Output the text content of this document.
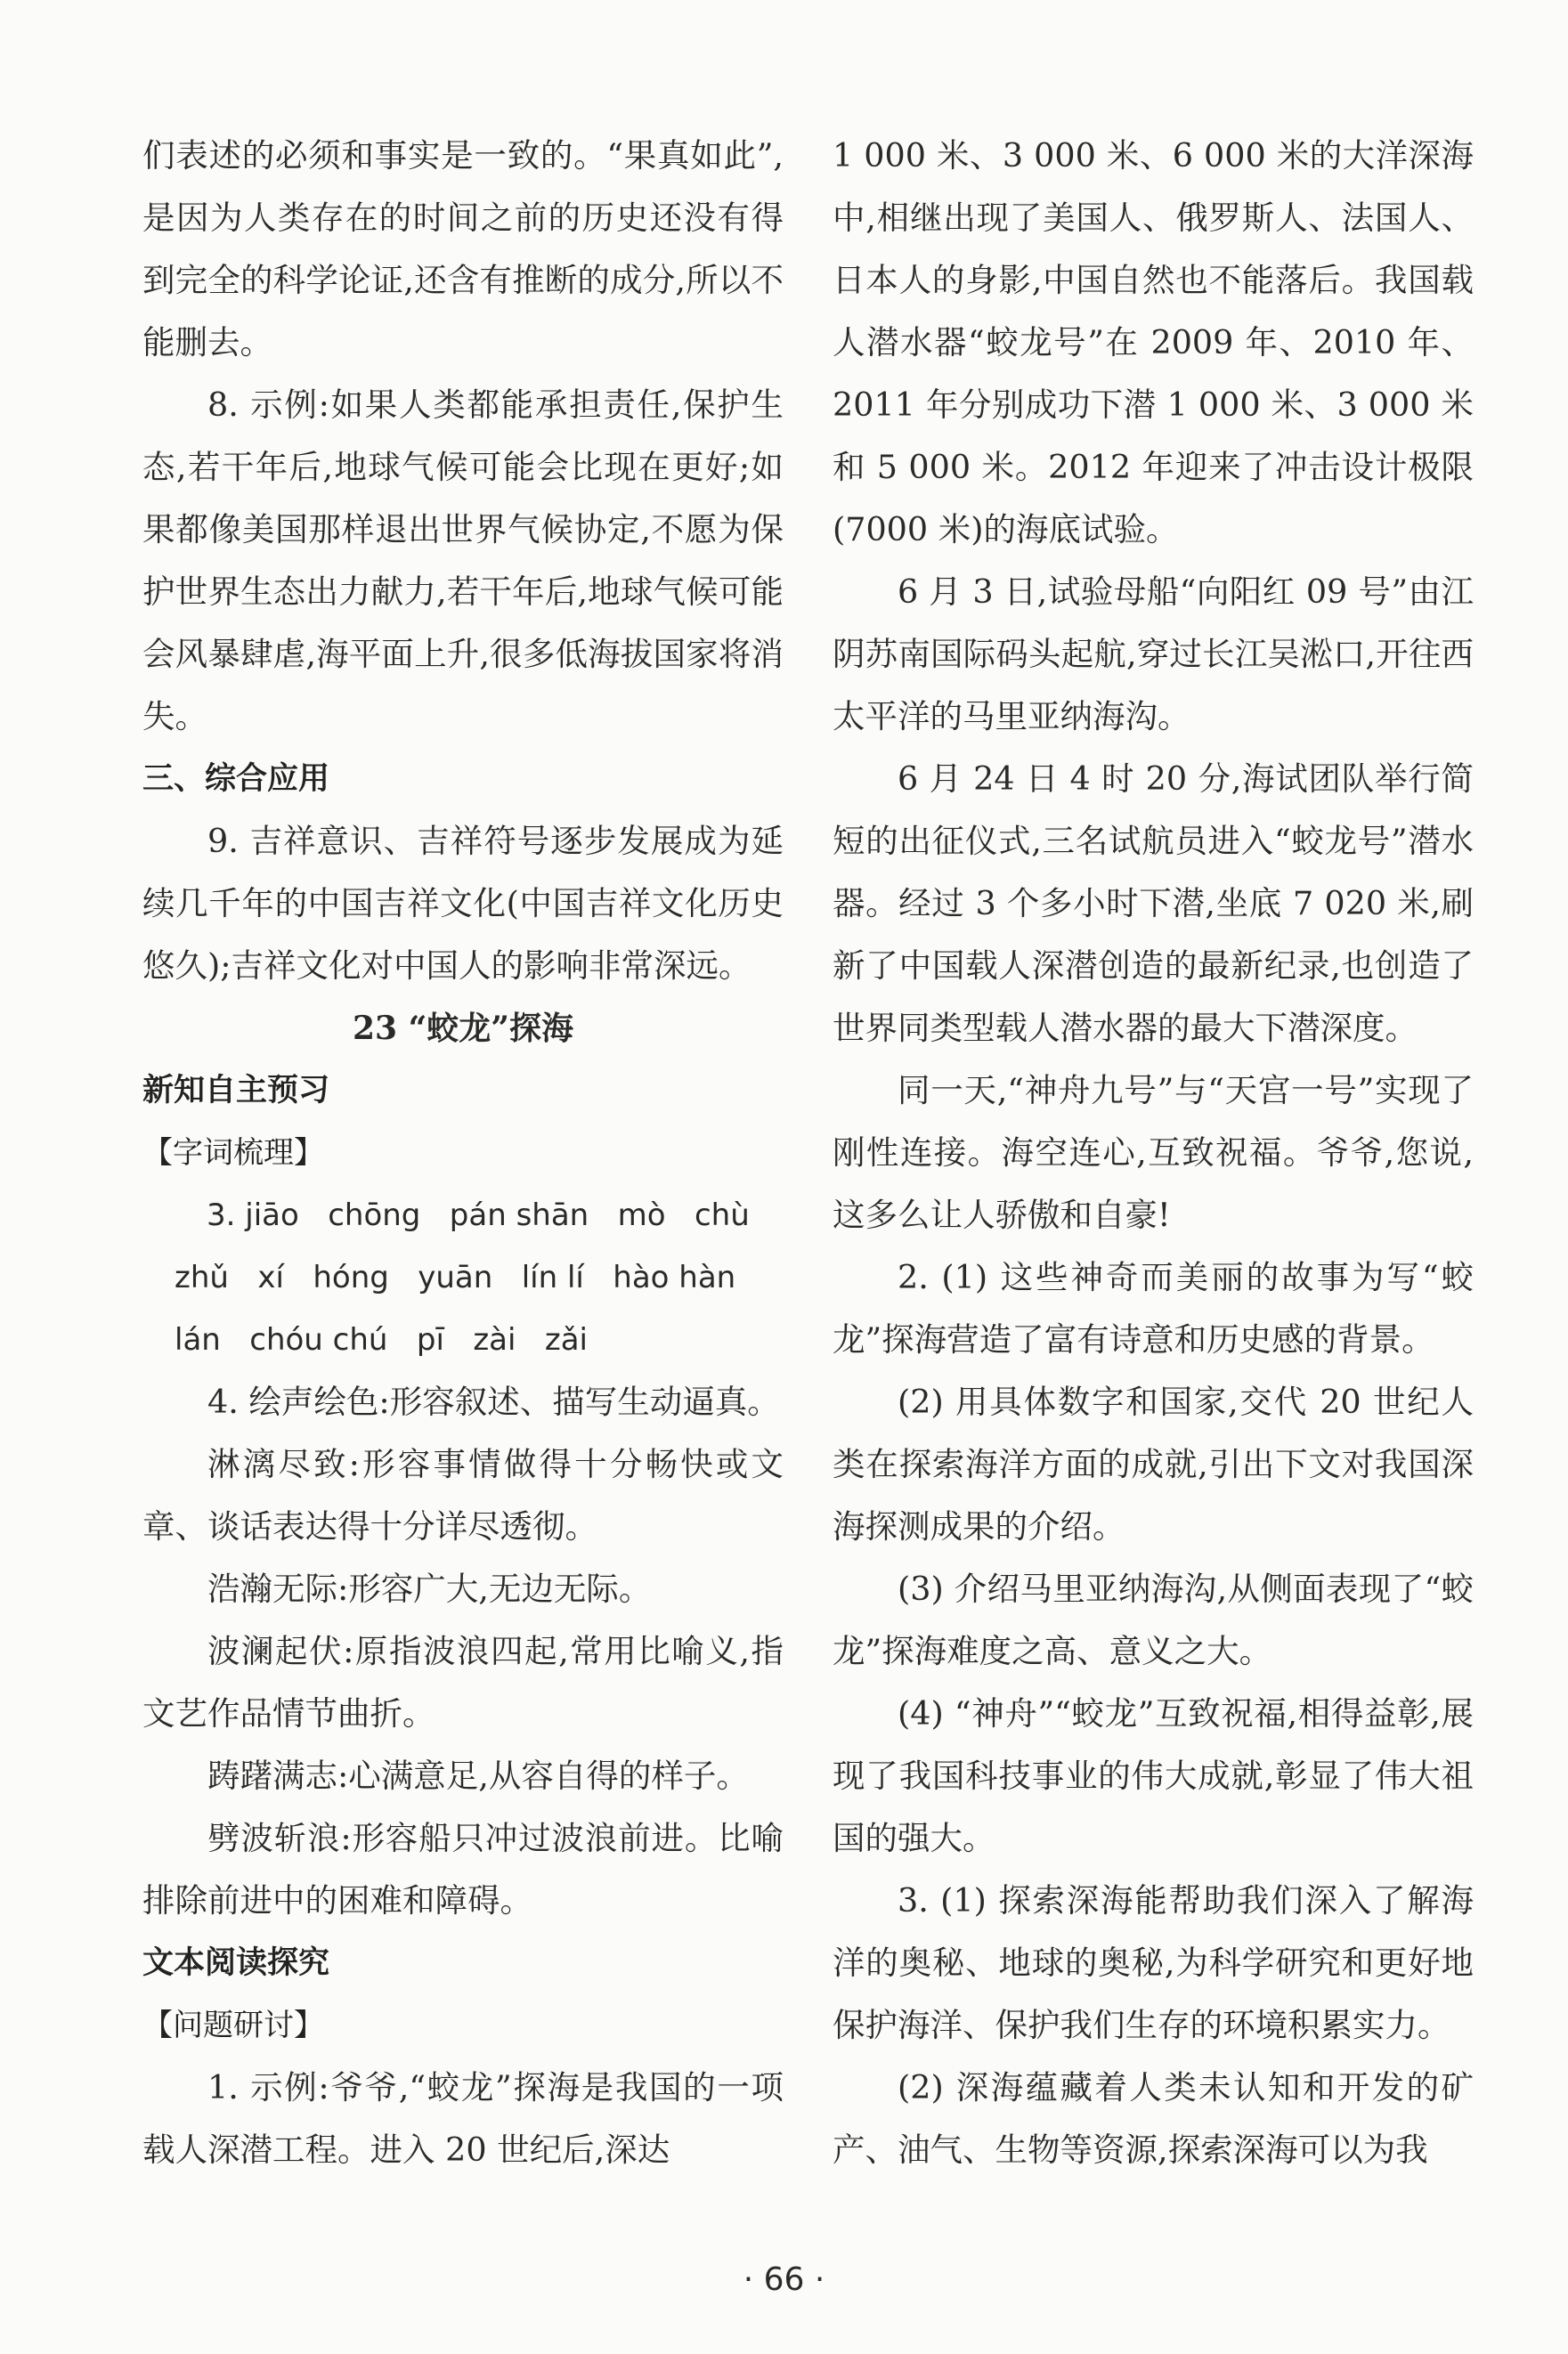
们表述的必须和事实是一致的。“果真如此”,是因为人类存在的时间之前的历史还没有得到完全的科学论证,还含有推断的成分,所以不能删去。

8. 示例:如果人类都能承担责任,保护生态,若干年后,地球气候可能会比现在更好;如果都像美国那样退出世界气候协定,不愿为保护世界生态出力献力,若干年后,地球气候可能会风暴肆虐,海平面上升,很多低海拔国家将消失。

三、综合应用

9. 吉祥意识、吉祥符号逐步发展成为延续几千年的中国吉祥文化(中国吉祥文化历史悠久);吉祥文化对中国人的影响非常深远。

23 “蛟龙”探海

新知自主预习

【字词梳理】

3. jiāo   chōng   pán shān   mò   chù

zhǔ   xí   hóng   yuān   lín lí   hào hàn

lán   chóu chú   pī   zài   zǎi

4. 绘声绘色:形容叙述、描写生动逼真。

淋漓尽致:形容事情做得十分畅快或文章、谈话表达得十分详尽透彻。

浩瀚无际:形容广大,无边无际。

波澜起伏:原指波浪四起,常用比喻义,指文艺作品情节曲折。

踌躇满志:心满意足,从容自得的样子。

劈波斩浪:形容船只冲过波浪前进。比喻排除前进中的困难和障碍。

文本阅读探究

【问题研讨】

1. 示例:爷爷,“蛟龙”探海是我国的一项载人深潜工程。进入 20 世纪后,深达

1 000 米、3 000 米、6 000 米的大洋深海中,相继出现了美国人、俄罗斯人、法国人、日本人的身影,中国自然也不能落后。我国载人潜水器“蛟龙号”在 2009 年、2010 年、2011 年分别成功下潜 1 000 米、3 000 米和 5 000 米。2012 年迎来了冲击设计极限(7000 米)的海底试验。

6 月 3 日,试验母船“向阳红 09 号”由江阴苏南国际码头起航,穿过长江吴淞口,开往西太平洋的马里亚纳海沟。

6 月 24 日 4 时 20 分,海试团队举行简短的出征仪式,三名试航员进入“蛟龙号”潜水器。经过 3 个多小时下潜,坐底 7 020 米,刷新了中国载人深潜创造的最新纪录,也创造了世界同类型载人潜水器的最大下潜深度。

同一天,“神舟九号”与“天宫一号”实现了刚性连接。海空连心,互致祝福。爷爷,您说,这多么让人骄傲和自豪!

2. (1) 这些神奇而美丽的故事为写“蛟龙”探海营造了富有诗意和历史感的背景。

(2) 用具体数字和国家,交代 20 世纪人类在探索海洋方面的成就,引出下文对我国深海探测成果的介绍。

(3) 介绍马里亚纳海沟,从侧面表现了“蛟龙”探海难度之高、意义之大。

(4) “神舟”“蛟龙”互致祝福,相得益彰,展现了我国科技事业的伟大成就,彰显了伟大祖国的强大。

3. (1) 探索深海能帮助我们深入了解海洋的奥秘、地球的奥秘,为科学研究和更好地保护海洋、保护我们生存的环境积累实力。

(2) 深海蕴藏着人类未认知和开发的矿产、油气、生物等资源,探索深海可以为我

· 66 ·
